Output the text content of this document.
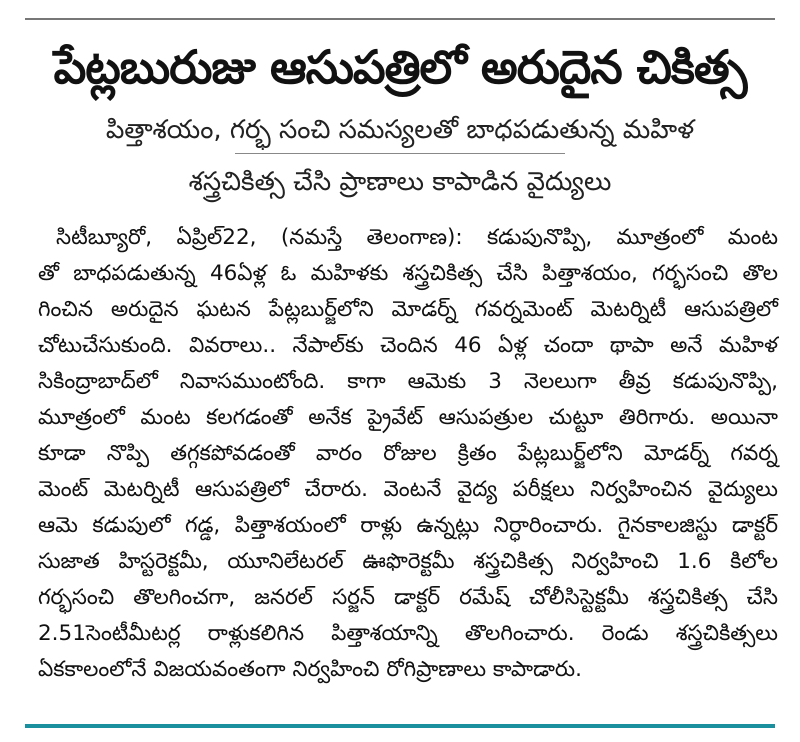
పేట్లబురుజు ఆసుపత్రిలో అరుదైన చికిత్స
పిత్తాశయం, గర్భ సంచి సమస్యలతో బాధపడుతున్న మహిళ
శస్త్రచికిత్స చేసి ప్రాణాలు కాపాడిన వైద్యులు
సిటీబ్యూరో, ఏప్రిల్22, (నమస్తే తెలంగాణ): కడుపునొప్పి, మూత్రంలో మంట
తో బాధపడుతున్న 46ఏళ్ల ఓ మహిళకు శస్త్రచికిత్స చేసి పిత్తాశయం, గర్భసంచి తొల
గించిన అరుదైన ఘటన పేట్లబుర్జ్‌లోని మోడర్న్ గవర్నమెంట్ మెటర్నిటీ ఆసుపత్రిలో
చోటుచేసుకుంది. వివరాలు.. నేపాల్‌కు చెందిన 46 ఏళ్ల చందా థాపా అనే మహిళ
సికింద్రాబాద్‌లో నివాసముంటోంది. కాగా ఆమెకు 3 నెలలుగా తీవ్ర కడుపునొప్పి,
మూత్రంలో మంట కలగడంతో అనేక ప్రైవేట్ ఆసుపత్రుల చుట్టూ తిరిగారు. అయినా
కూడా నొప్పి తగ్గకపోవడంతో వారం రోజుల క్రితం పేట్లబుర్జ్‌లోని మోడర్న్ గవర్న
మెంట్ మెటర్నిటీ ఆసుపత్రిలో చేరారు. వెంటనే వైద్య పరీక్షలు నిర్వహించిన వైద్యులు
ఆమె కడుపులో గడ్డ, పిత్తాశయంలో రాళ్లు ఉన్నట్లు నిర్ధారించారు. గైనకాలజిస్టు డాక్టర్
సుజాత హిస్టరెక్టమీ, యూనిలేటరల్ ఊఫొరెక్టమీ శస్త్రచికిత్స నిర్వహించి 1.6 కిలోల
గర్భసంచి తొలగించగా, జనరల్ సర్జన్ డాక్టర్ రమేష్ చోలీసిస్టెక్టమీ శస్త్రచికిత్స చేసి
2.51సెంటీమీటర్ల రాళ్లుకలిగిన పిత్తాశయాన్ని తొలగించారు. రెండు శస్త్రచికిత్సలు
ఏకకాలంలోనే విజయవంతంగా నిర్వహించి రోగిప్రాణాలు కాపాడారు.
